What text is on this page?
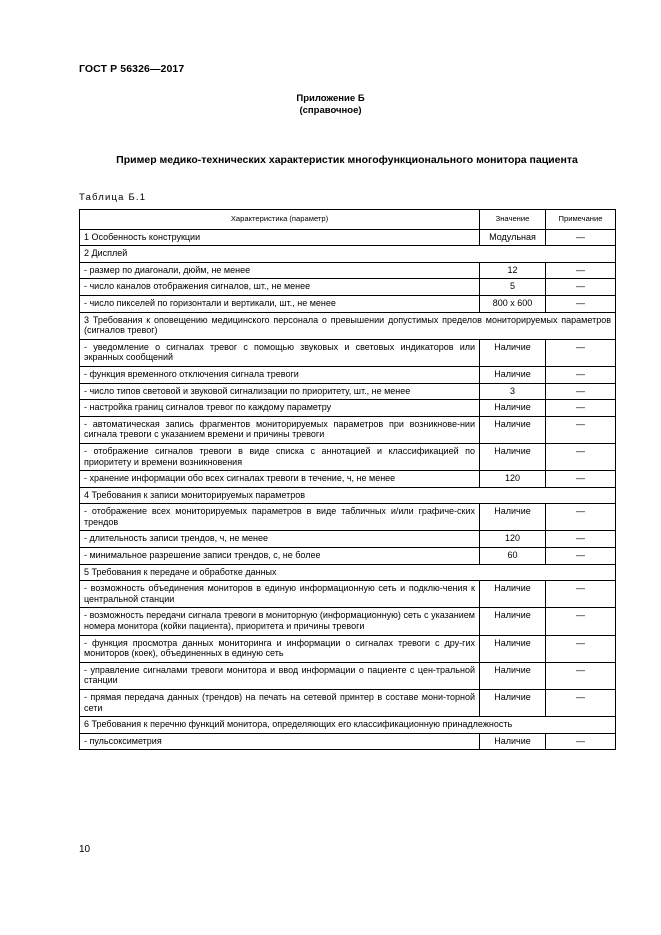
ГОСТ Р 56326—2017
Приложение Б
(справочное)
Пример медико-технических характеристик многофункционального монитора пациента
Таблица Б.1
Характеристика (параметр)	Значение	Примечание
1 Особенность конструкции	Модульная	—
2 Дисплей		
- размер по диагонали, дюйм, не менее	12	—
- число каналов отображения сигналов, шт., не менее	5	—
- число пикселей по горизонтали и вертикали, шт., не менее	800 x 600	—
3 Требования к оповещению медицинского персонала о превышении допустимых пределов мониторируемых параметров (сигналов тревог)		
- уведомление о сигналах тревог с помощью звуковых и световых индикаторов или экранных сообщений	Наличие	—
- функция временного отключения сигнала тревоги	Наличие	—
- число типов световой и звуковой сигнализации по приоритету, шт., не менее	3	—
- настройка границ сигналов тревог по каждому параметру	Наличие	—
- автоматическая запись фрагментов мониторируемых параметров при возникнове-нии сигнала тревоги с указанием времени и причины тревоги	Наличие	—
- отображение сигналов тревоги в виде списка с аннотацией и классификацией по приоритету и времени возникновения	Наличие	—
- хранение информации обо всех сигналах тревоги в течение, ч, не менее	120	—
4 Требования к записи мониторируемых параметров		
- отображение всех мониторируемых параметров в виде табличных и/или графиче-ских трендов	Наличие	—
- длительность записи трендов, ч, не менее	120	—
- минимальное разрешение записи трендов, с, не более	60	—
5 Требования к передаче и обработке данных		
- возможность объединения мониторов в единую информационную сеть и подклю-чения к центральной станции	Наличие	—
- возможность передачи сигнала тревоги в мониторную (информационную) сеть с указанием номера монитора (койки пациента), приоритета и причины тревоги	Наличие	—
- функция просмотра данных мониторинга и информации о сигналах тревоги с дру-гих мониторов (коек), объединенных в единую сеть	Наличие	—
- управление сигналами тревоги монитора и ввод информации о пациенте с цен-тральной станции	Наличие	—
- прямая передача данных (трендов) на печать на сетевой принтер в составе мони-торной сети	Наличие	—
6 Требования к перечню функций монитора, определяющих его классификационную принадлежность		
- пульсоксиметрия	Наличие	—
10
